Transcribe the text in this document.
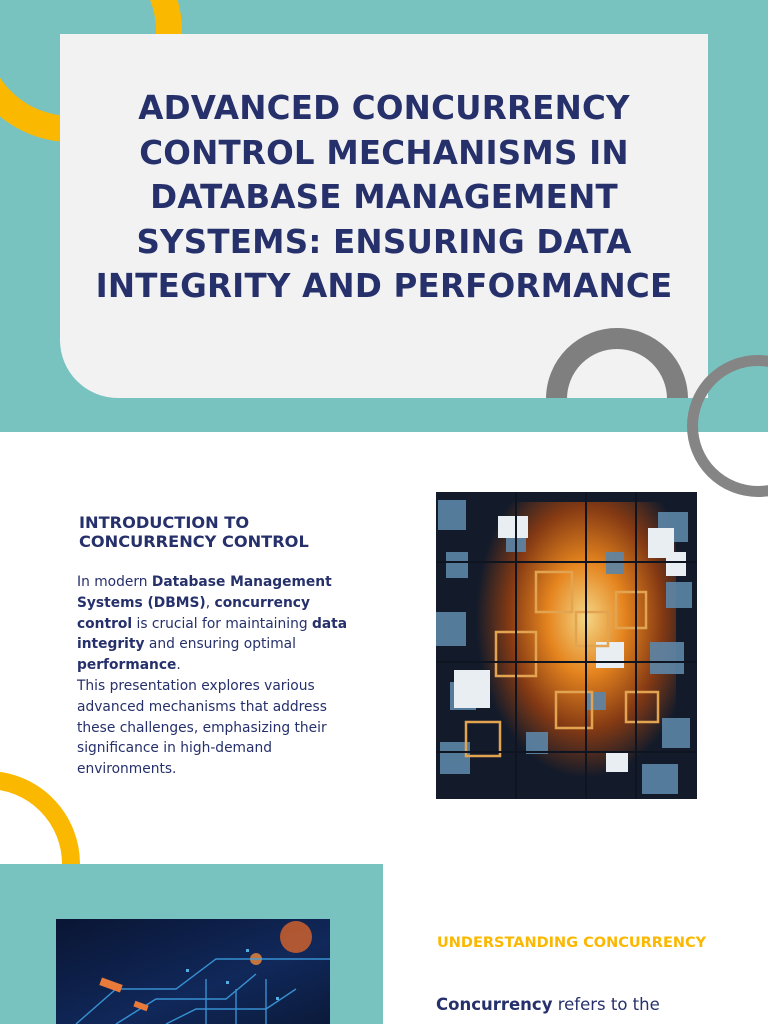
ADVANCED CONCURRENCY CONTROL MECHANISMS IN DATABASE MANAGEMENT SYSTEMS: ENSURING DATA INTEGRITY AND PERFORMANCE
INTRODUCTION TO CONCURRENCY CONTROL

In modern Database Management Systems (DBMS), concurrency control is crucial for maintaining data integrity and ensuring optimal performance.
This presentation explores various advanced mechanisms that address these challenges, emphasizing their significance in high-demand environments.

UNDERSTANDING CONCURRENCY

Concurrency refers to the
